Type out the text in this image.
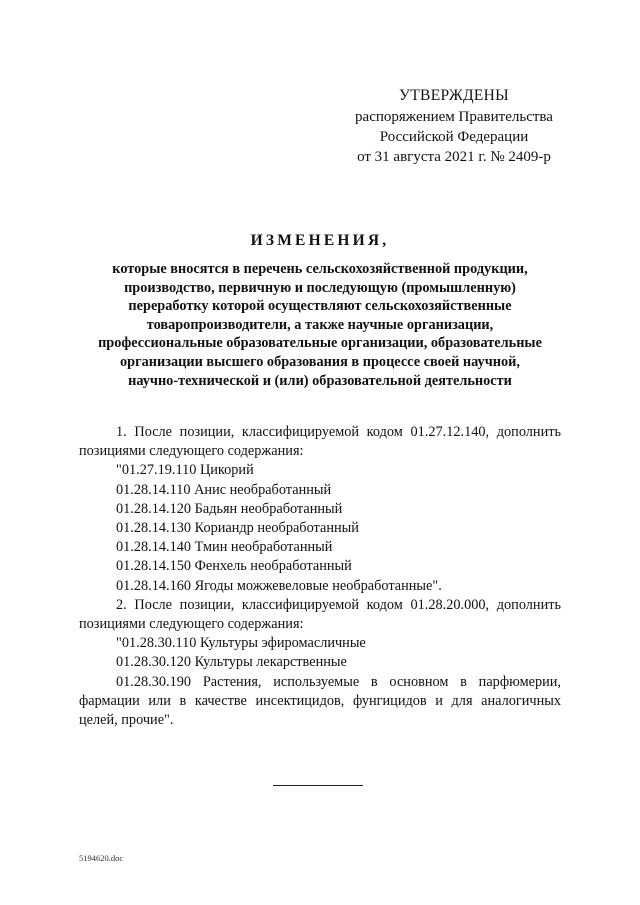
УТВЕРЖДЕНЫ
распоряжением Правительства
Российской Федерации
от 31 августа 2021 г. № 2409-р
ИЗМЕНЕНИЯ,
которые вносятся в перечень сельскохозяйственной продукции,
производство, первичную и последующую (промышленную)
переработку которой осуществляют сельскохозяйственные
товаропроизводители, а также научные организации,
профессиональные образовательные организации, образовательные
организации высшего образования в процессе своей научной,
научно-технической и (или) образовательной деятельности
1. После позиции, классифицируемой кодом 01.27.12.140, дополнить позициями следующего содержания:
"01.27.19.110 Цикорий
01.28.14.110 Анис необработанный
01.28.14.120 Бадьян необработанный
01.28.14.130 Кориандр необработанный
01.28.14.140 Тмин необработанный
01.28.14.150 Фенхель необработанный
01.28.14.160 Ягоды можжевеловые необработанные".
2. После позиции, классифицируемой кодом 01.28.20.000, дополнить позициями следующего содержания:
"01.28.30.110 Культуры эфиромасличные
01.28.30.120 Культуры лекарственные
01.28.30.190 Растения, используемые в основном в парфюмерии, фармации или в качестве инсектицидов, фунгицидов и для аналогичных целей, прочие".
5194620.doc
